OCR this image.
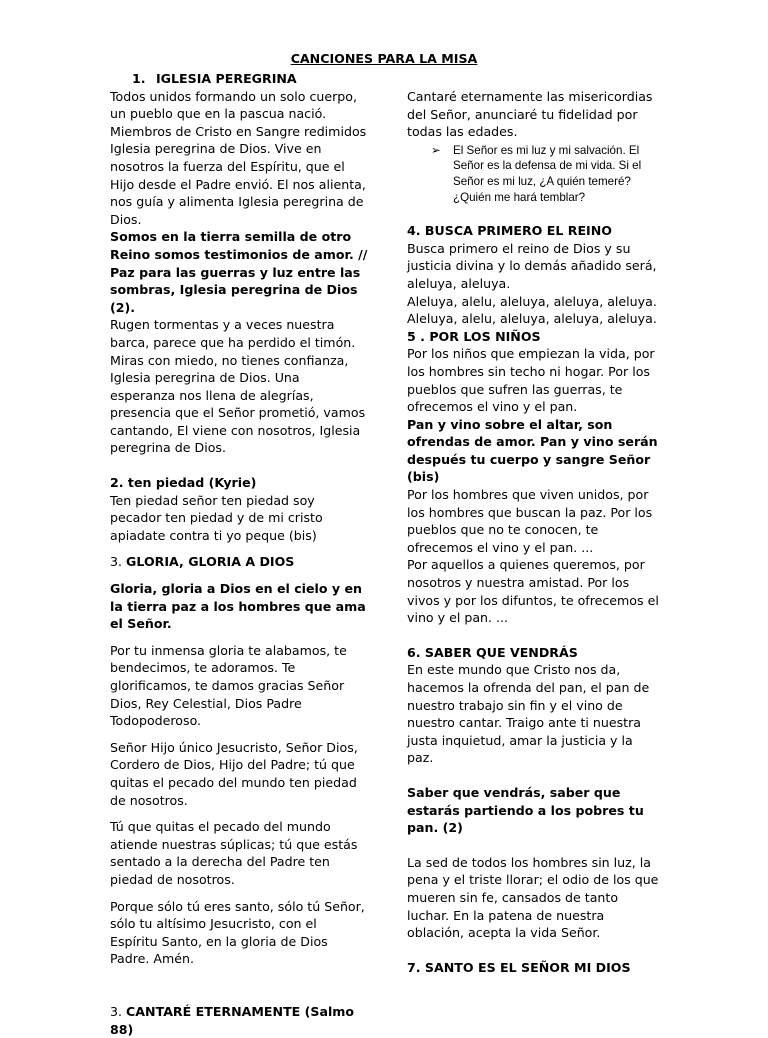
CANCIONES PARA LA MISA

1. IGLESIA PEREGRINA

Todos unidos formando un solo cuerpo, un pueblo que en la pascua nació. Miembros de Cristo en Sangre redimidos Iglesia peregrina de Dios. Vive en nosotros la fuerza del Espíritu, que el Hijo desde el Padre envió. El nos alienta, nos guía y alimenta Iglesia peregrina de Dios.

Somos en la tierra semilla de otro Reino somos testimonios de amor. // Paz para las guerras y luz entre las sombras, Iglesia peregrina de Dios (2).

Rugen tormentas y a veces nuestra barca, parece que ha perdido el timón. Miras con miedo, no tienes confianza, Iglesia peregrina de Dios. Una esperanza nos llena de alegrías, presencia que el Señor prometió, vamos cantando, El viene con nosotros, Iglesia peregrina de Dios.

2. ten piedad (Kyrie)

Ten piedad señor ten piedad soy pecador ten piedad y de mi cristo apiadate contra ti yo peque (bis)

3. GLORIA, GLORIA A DIOS

Gloria, gloria a Dios en el cielo y en la tierra paz a los hombres que ama el Señor.

Por tu inmensa gloria te alabamos, te bendecimos, te adoramos. Te glorificamos, te damos gracias Señor Dios, Rey Celestial, Dios Padre Todopoderoso.

Señor Hijo único Jesucristo, Señor Dios, Cordero de Dios, Hijo del Padre; tú que quitas el pecado del mundo ten piedad de nosotros.

Tú que quitas el pecado del mundo atiende nuestras súplicas; tú que estás sentado a la derecha del Padre ten piedad de nosotros.

Porque sólo tú eres santo, sólo tú Señor, sólo tu altísimo Jesucristo, con el Espíritu Santo, en la gloria de Dios Padre. Amén.

3. CANTARÉ ETERNAMENTE (Salmo 88)

Cantaré eternamente las misericordias del Señor, anunciaré tu fidelidad por todas las edades.

➢ El Señor es mi luz y mi salvación. El Señor es la defensa de mi vida. Si el Señor es mi luz, ¿A quién temeré? ¿Quién me hará temblar?

4. BUSCA PRIMERO EL REINO

Busca primero el reino de Dios y su justicia divina y lo demás añadido será, aleluya, aleluya.

Aleluya, alelu, aleluya, aleluya, aleluya.

Aleluya, alelu, aleluya, aleluya, aleluya.

5 . POR LOS NIÑOS

Por los niños que empiezan la vida, por los hombres sin techo ni hogar. Por los pueblos que sufren las guerras, te ofrecemos el vino y el pan.

Pan y vino sobre el altar, son ofrendas de amor. Pan y vino serán después tu cuerpo y sangre Señor (bis)

Por los hombres que viven unidos, por los hombres que buscan la paz. Por los pueblos que no te conocen, te ofrecemos el vino y el pan. ...

Por aquellos a quienes queremos, por nosotros y nuestra amistad. Por los vivos y por los difuntos, te ofrecemos el vino y el pan. ...

6. SABER QUE VENDRÁS

En este mundo que Cristo nos da, hacemos la ofrenda del pan, el pan de nuestro trabajo sin fin y el vino de nuestro cantar. Traigo ante ti nuestra justa inquietud, amar la justicia y la paz.

Saber que vendrás, saber que estarás partiendo a los pobres tu pan. (2)

La sed de todos los hombres sin luz, la pena y el triste llorar; el odio de los que mueren sin fe, cansados de tanto luchar. En la patena de nuestra oblación, acepta la vida Señor.

7. SANTO ES EL SEÑOR MI DIOS
